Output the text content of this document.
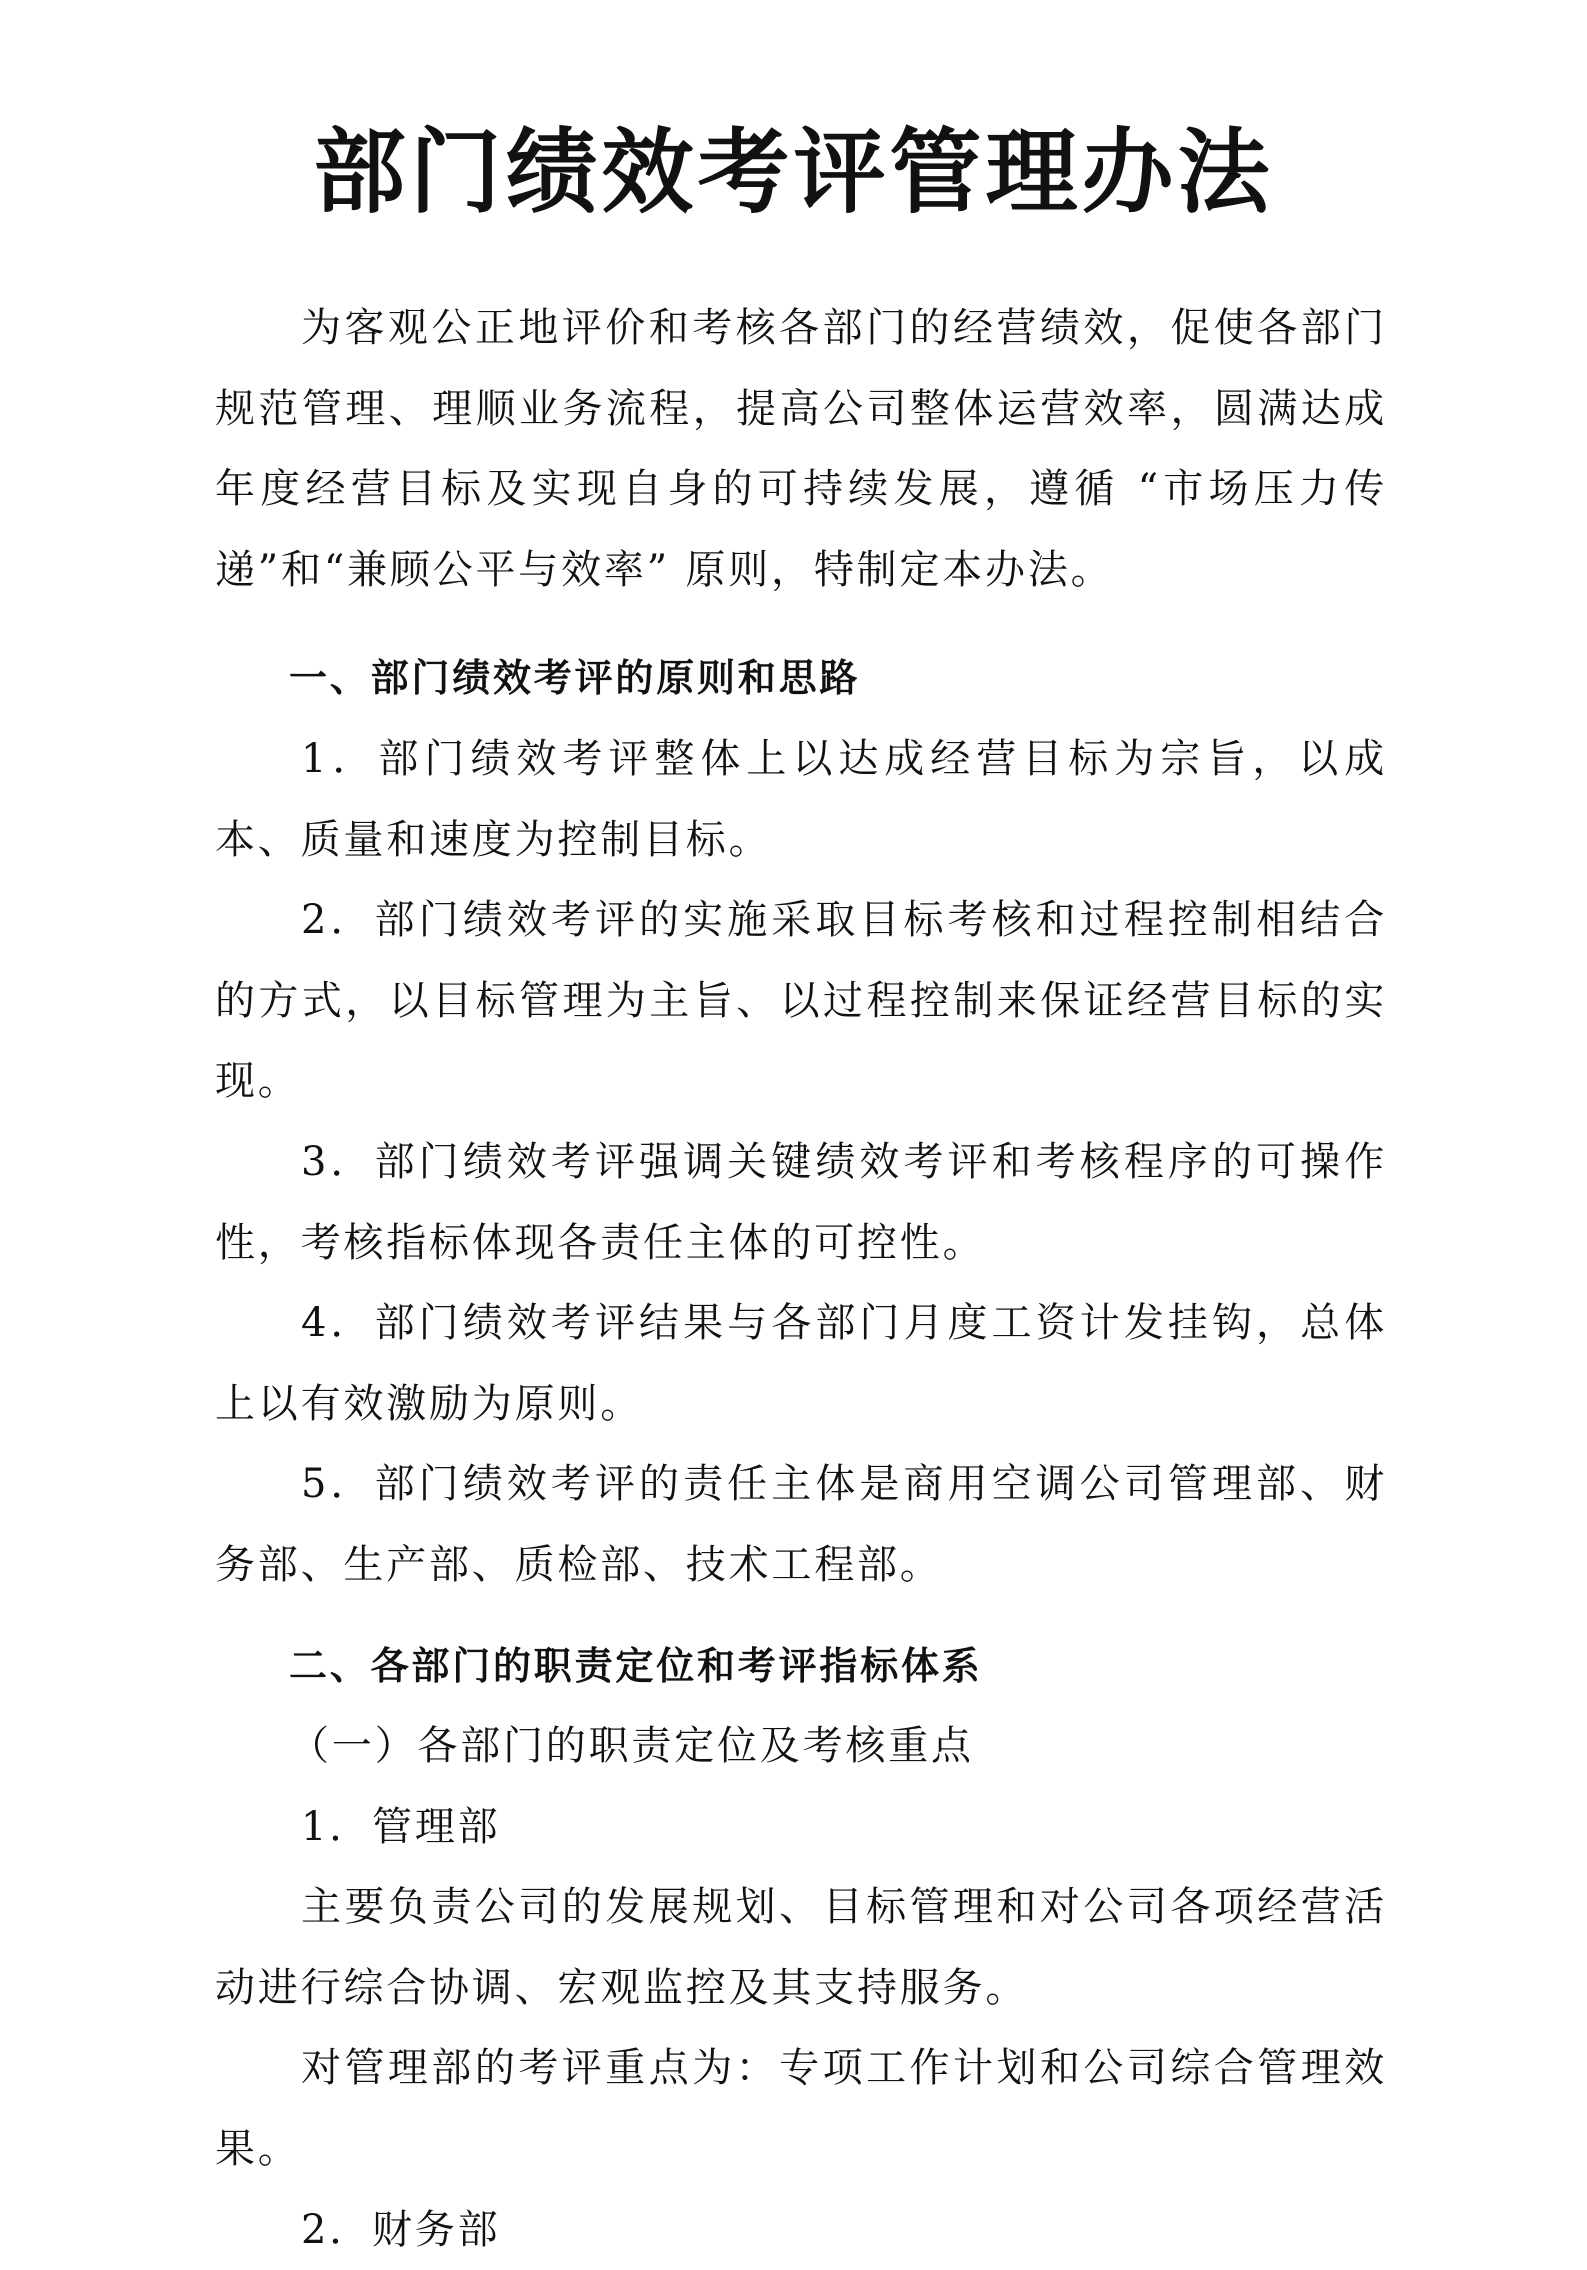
部门绩效考评管理办法

为客观公正地评价和考核各部门的经营绩效，促使各部门规范管理、理顺业务流程，提高公司整体运营效率，圆满达成年度经营目标及实现自身的可持续发展，遵循 “市场压力传递”和“兼顾公平与效率” 原则，特制定本办法。

一、部门绩效考评的原则和思路

1．部门绩效考评整体上以达成经营目标为宗旨，以成本、质量和速度为控制目标。

2．部门绩效考评的实施采取目标考核和过程控制相结合的方式，以目标管理为主旨、以过程控制来保证经营目标的实现。

3．部门绩效考评强调关键绩效考评和考核程序的可操作性，考核指标体现各责任主体的可控性。

4．部门绩效考评结果与各部门月度工资计发挂钩，总体上以有效激励为原则。

5．部门绩效考评的责任主体是商用空调公司管理部、财务部、生产部、质检部、技术工程部。

二、各部门的职责定位和考评指标体系

（一）各部门的职责定位及考核重点

1．管理部

主要负责公司的发展规划、目标管理和对公司各项经营活动进行综合协调、宏观监控及其支持服务。

对管理部的考评重点为：专项工作计划和公司综合管理效果。

2．财务部
